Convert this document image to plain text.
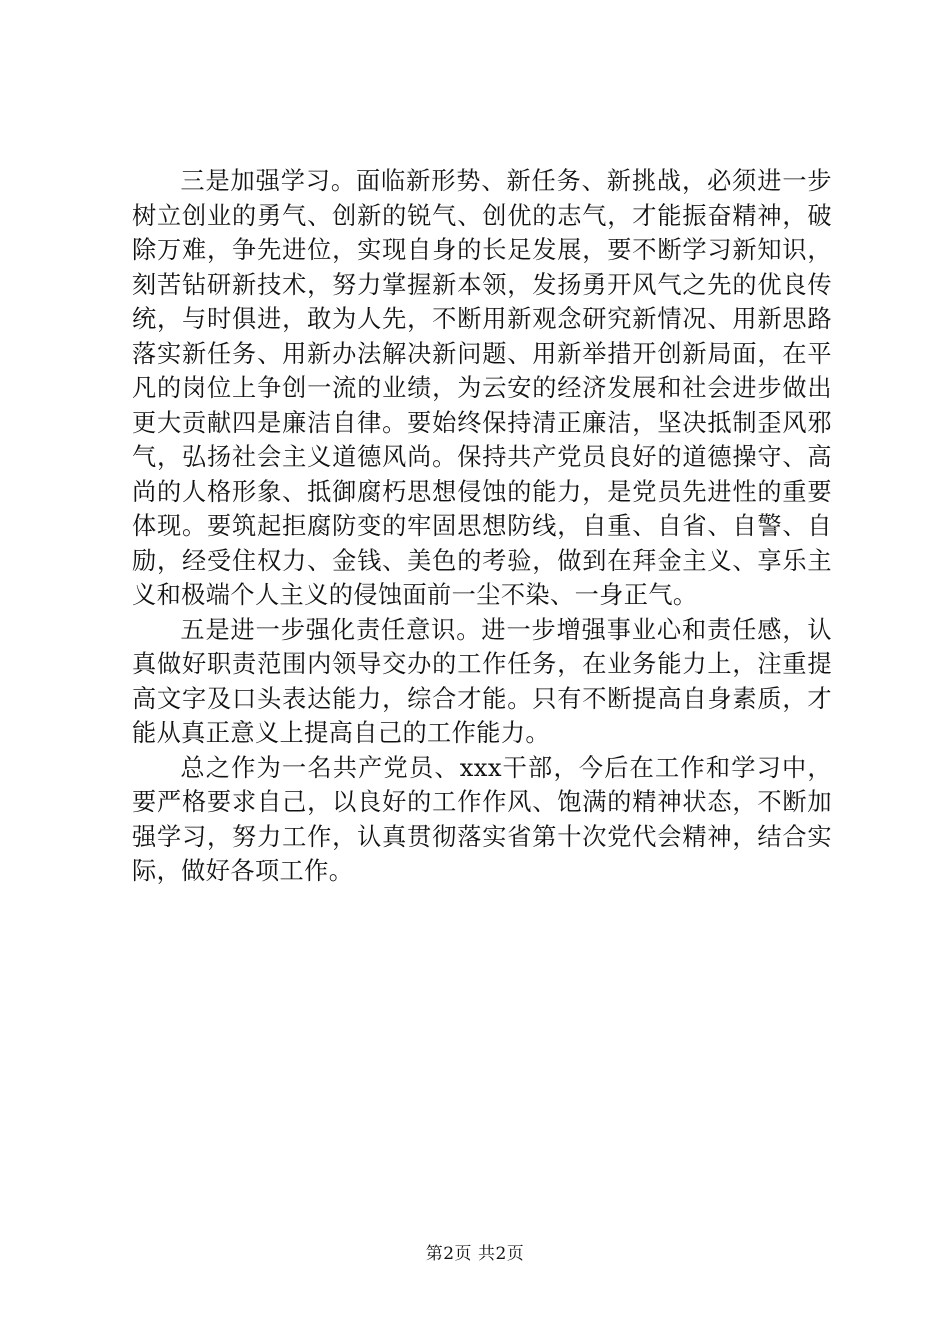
三是加强学习。面临新形势、新任务、新挑战，必须进一步树立创业的勇气、创新的锐气、创优的志气，才能振奋精神，破除万难，争先进位，实现自身的长足发展，要不断学习新知识，刻苦钻研新技术，努力掌握新本领，发扬勇开风气之先的优良传统，与时俱进，敢为人先，不断用新观念研究新情况、用新思路落实新任务、用新办法解决新问题、用新举措开创新局面，在平凡的岗位上争创一流的业绩，为云安的经济发展和社会进步做出更大贡献四是廉洁自律。要始终保持清正廉洁，坚决抵制歪风邪气，弘扬社会主义道德风尚。保持共产党员良好的道德操守、高尚的人格形象、抵御腐朽思想侵蚀的能力，是党员先进性的重要体现。要筑起拒腐防变的牢固思想防线，自重、自省、自警、自励，经受住权力、金钱、美色的考验，做到在拜金主义、享乐主义和极端个人主义的侵蚀面前一尘不染、一身正气。

五是进一步强化责任意识。进一步增强事业心和责任感，认真做好职责范围内领导交办的工作任务，在业务能力上，注重提高文字及口头表达能力，综合才能。只有不断提高自身素质，才能从真正意义上提高自己的工作能力。

总之作为一名共产党员、xxx干部，今后在工作和学习中，要严格要求自己，以良好的工作作风、饱满的精神状态，不断加强学习，努力工作，认真贯彻落实省第十次党代会精神，结合实际，做好各项工作。

第2页 共2页
